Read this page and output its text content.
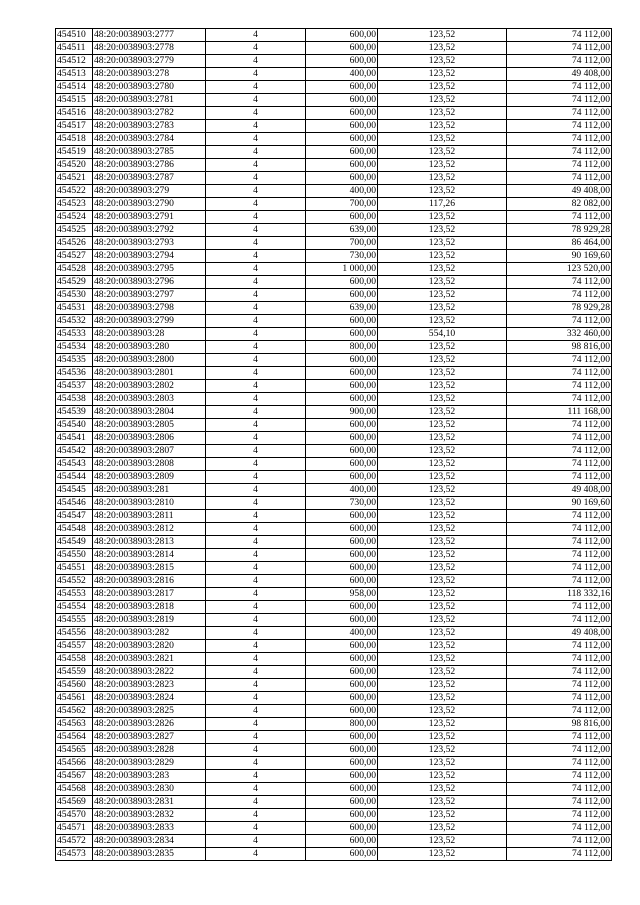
454510	48:20:0038903:2777	4	600,00	123,52	74 112,00
454511	48:20:0038903:2778	4	600,00	123,52	74 112,00
454512	48:20:0038903:2779	4	600,00	123,52	74 112,00
454513	48:20:0038903:278	4	400,00	123,52	49 408,00
454514	48:20:0038903:2780	4	600,00	123,52	74 112,00
454515	48:20:0038903:2781	4	600,00	123,52	74 112,00
454516	48:20:0038903:2782	4	600,00	123,52	74 112,00
454517	48:20:0038903:2783	4	600,00	123,52	74 112,00
454518	48:20:0038903:2784	4	600,00	123,52	74 112,00
454519	48:20:0038903:2785	4	600,00	123,52	74 112,00
454520	48:20:0038903:2786	4	600,00	123,52	74 112,00
454521	48:20:0038903:2787	4	600,00	123,52	74 112,00
454522	48:20:0038903:279	4	400,00	123,52	49 408,00
454523	48:20:0038903:2790	4	700,00	117,26	82 082,00
454524	48:20:0038903:2791	4	600,00	123,52	74 112,00
454525	48:20:0038903:2792	4	639,00	123,52	78 929,28
454526	48:20:0038903:2793	4	700,00	123,52	86 464,00
454527	48:20:0038903:2794	4	730,00	123,52	90 169,60
454528	48:20:0038903:2795	4	1 000,00	123,52	123 520,00
454529	48:20:0038903:2796	4	600,00	123,52	74 112,00
454530	48:20:0038903:2797	4	600,00	123,52	74 112,00
454531	48:20:0038903:2798	4	639,00	123,52	78 929,28
454532	48:20:0038903:2799	4	600,00	123,52	74 112,00
454533	48:20:0038903:28	4	600,00	554,10	332 460,00
454534	48:20:0038903:280	4	800,00	123,52	98 816,00
454535	48:20:0038903:2800	4	600,00	123,52	74 112,00
454536	48:20:0038903:2801	4	600,00	123,52	74 112,00
454537	48:20:0038903:2802	4	600,00	123,52	74 112,00
454538	48:20:0038903:2803	4	600,00	123,52	74 112,00
454539	48:20:0038903:2804	4	900,00	123,52	111 168,00
454540	48:20:0038903:2805	4	600,00	123,52	74 112,00
454541	48:20:0038903:2806	4	600,00	123,52	74 112,00
454542	48:20:0038903:2807	4	600,00	123,52	74 112,00
454543	48:20:0038903:2808	4	600,00	123,52	74 112,00
454544	48:20:0038903:2809	4	600,00	123,52	74 112,00
454545	48:20:0038903:281	4	400,00	123,52	49 408,00
454546	48:20:0038903:2810	4	730,00	123,52	90 169,60
454547	48:20:0038903:2811	4	600,00	123,52	74 112,00
454548	48:20:0038903:2812	4	600,00	123,52	74 112,00
454549	48:20:0038903:2813	4	600,00	123,52	74 112,00
454550	48:20:0038903:2814	4	600,00	123,52	74 112,00
454551	48:20:0038903:2815	4	600,00	123,52	74 112,00
454552	48:20:0038903:2816	4	600,00	123,52	74 112,00
454553	48:20:0038903:2817	4	958,00	123,52	118 332,16
454554	48:20:0038903:2818	4	600,00	123,52	74 112,00
454555	48:20:0038903:2819	4	600,00	123,52	74 112,00
454556	48:20:0038903:282	4	400,00	123,52	49 408,00
454557	48:20:0038903:2820	4	600,00	123,52	74 112,00
454558	48:20:0038903:2821	4	600,00	123,52	74 112,00
454559	48:20:0038903:2822	4	600,00	123,52	74 112,00
454560	48:20:0038903:2823	4	600,00	123,52	74 112,00
454561	48:20:0038903:2824	4	600,00	123,52	74 112,00
454562	48:20:0038903:2825	4	600,00	123,52	74 112,00
454563	48:20:0038903:2826	4	800,00	123,52	98 816,00
454564	48:20:0038903:2827	4	600,00	123,52	74 112,00
454565	48:20:0038903:2828	4	600,00	123,52	74 112,00
454566	48:20:0038903:2829	4	600,00	123,52	74 112,00
454567	48:20:0038903:283	4	600,00	123,52	74 112,00
454568	48:20:0038903:2830	4	600,00	123,52	74 112,00
454569	48:20:0038903:2831	4	600,00	123,52	74 112,00
454570	48:20:0038903:2832	4	600,00	123,52	74 112,00
454571	48:20:0038903:2833	4	600,00	123,52	74 112,00
454572	48:20:0038903:2834	4	600,00	123,52	74 112,00
454573	48:20:0038903:2835	4	600,00	123,52	74 112,00
